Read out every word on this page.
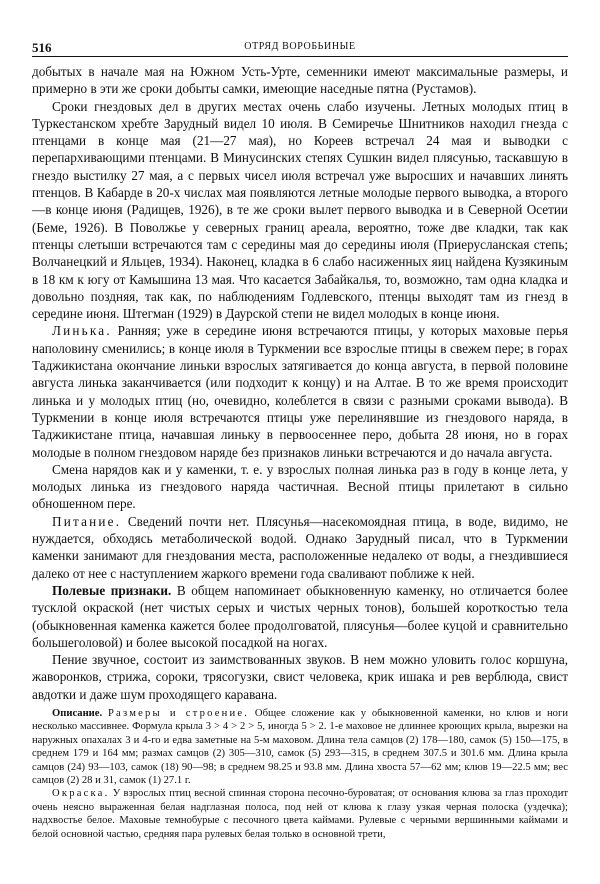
516	ОТРЯД ВОРОБЬИНЫЕ

добытых в начале мая на Южном Усть-Урте, семенники имеют максимальные размеры, и примерно в эти же сроки добыты самки, имеющие наседные пятна (Рустамов).

Сроки гнездовых дел в других местах очень слабо изучены. Летных молодых птиц в Туркестанском хребте Зарудный видел 10 июля. В Семиречье Шнитников находил гнезда с птенцами в конце мая (21—27 мая), но Кореев встречал 24 мая и выводки с перепархивающими птенцами. В Минусинских степях Сушкин видел плясунью, таскавшую в гнездо выстилку 27 мая, а с первых чисел июля встречал уже выросших и начавших линять птенцов. В Кабарде в 20-х числах мая появляются летные молодые первого выводка, а второго—в конце июня (Радищев, 1926), в те же сроки вылет первого выводка и в Северной Осетии (Беме, 1926). В Поволжье у северных границ ареала, вероятно, тоже две кладки, так как птенцы слетыши встречаются там с середины мая до середины июля (Приерусланская степь; Волчанецкий и Яльцев, 1934). Наконец, кладка в 6 слабо насиженных яиц найдена Кузякиным в 18 км к югу от Камышина 13 мая. Что касается Забайкалья, то, возможно, там одна кладка и довольно поздняя, так как, по наблюдениям Годлевского, птенцы выходят там из гнезд в середине июня. Штегман (1929) в Даурской степи не видел молодых в конце июня.

Линька. Ранняя; уже в середине июня встречаются птицы, у которых маховые перья наполовину сменились; в конце июля в Туркмении все взрослые птицы в свежем пере; в горах Таджикистана окончание линьки взрослых затягивается до конца августа, в первой половине августа линька заканчивается (или подходит к концу) и на Алтае. В то же время происходит линька и у молодых птиц (но, очевидно, колеблется в связи с разными сроками вывода). В Туркмении в конце июля встречаются птицы уже перелинявшие из гнездового наряда, в Таджикистане птица, начавшая линьку в первоосеннее перо, добыта 28 июня, но в горах молодые в полном гнездовом наряде без признаков линьки встречаются и до начала августа.

Смена нарядов как и у каменки, т. е. у взрослых полная линька раз в году в конце лета, у молодых линька из гнездового наряда частичная. Весной птицы прилетают в сильно обношенном пере.

Питание. Сведений почти нет. Плясунья—насекомоядная птица, в воде, видимо, не нуждается, обходясь метаболической водой. Однако Зарудный писал, что в Туркмении каменки занимают для гнездования места, расположенные недалеко от воды, а гнездившиеся далеко от нее с наступлением жаркого времени года сваливают поближе к ней.

Полевые признаки. В общем напоминает обыкновенную каменку, но отличается более тусклой окраской (нет чистых серых и чистых черных тонов), большей короткостью тела (обыкновенная каменка кажется более продолговатой, плясунья—более куцой и сравнительно большеголовой) и более высокой посадкой на ногах.

Пение звучное, состоит из заимствованных звуков. В нем можно уловить голос коршуна, жаворонков, стрижа, сороки, трясогузки, свист человека, крик ишака и рев верблюда, свист авдотки и даже шум проходящего каравана.

Описание. Размеры и строение. Общее сложение как у обыкновенной каменки, но клюв и ноги несколько массивнее. Формула крыла 3 > 4 > 2 > 5, иногда 5 > 2. 1-е маховое не длиннее кроющих крыла, вырезки на наружных опахалах 3 и 4-го и едва заметные на 5-м маховом. Длина тела самцов (2) 178—180, самок (5) 150—175, в среднем 179 и 164 мм; размах самцов (2) 305—310, самок (5) 293—315, в среднем 307.5 и 301.6 мм. Длина крыла самцов (24) 93—103, самок (18) 90—98; в среднем 98.25 и 93.8 мм. Длина хвоста 57—62 мм; клюв 19—22.5 мм; вес самцов (2) 28 и 31, самок (1) 27.1 г.

Окраска. У взрослых птиц весной спинная сторона песочно-буроватая; от основания клюва за глаз проходит очень неясно выраженная белая надглазная полоса, под ней от клюва к глазу узкая черная полоска (уздечка); надхвостье белое. Маховые темнобурые с песочного цвета каймами. Рулевые с черными вершинными каймами и белой основной частью, средняя пара рулевых белая только в основной трети,
